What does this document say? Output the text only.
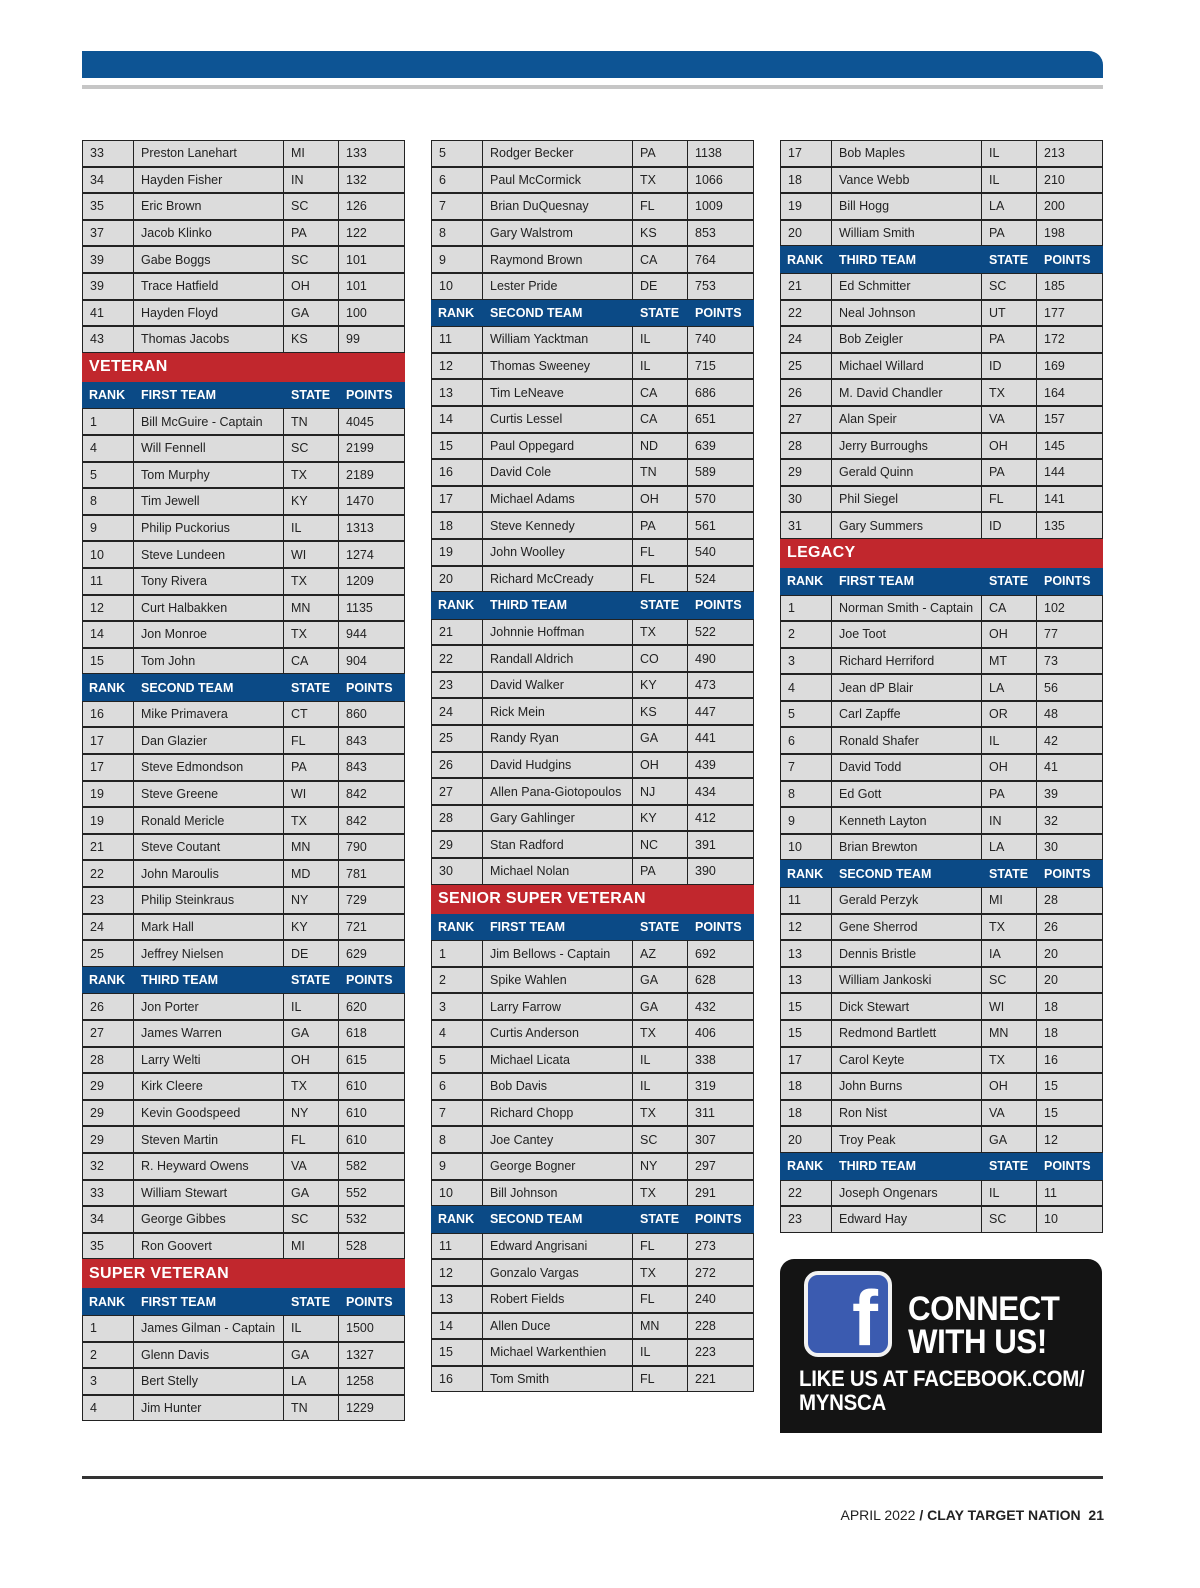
33	Preston Lanehart	MI	133
34	Hayden Fisher	IN	132
35	Eric Brown	SC	126
37	Jacob Klinko	PA	122
39	Gabe Boggs	SC	101
39	Trace Hatfield	OH	101
41	Hayden Floyd	GA	100
43	Thomas Jacobs	KS	99
VETERAN
RANK	FIRST TEAM	STATE	POINTS
1	Bill McGuire - Captain	TN	4045
4	Will Fennell	SC	2199
5	Tom Murphy	TX	2189
8	Tim Jewell	KY	1470
9	Philip Puckorius	IL	1313
10	Steve Lundeen	WI	1274
11	Tony Rivera	TX	1209
12	Curt Halbakken	MN	1135
14	Jon Monroe	TX	944
15	Tom John	CA	904
RANK	SECOND TEAM	STATE	POINTS
16	Mike Primavera	CT	860
17	Dan Glazier	FL	843
17	Steve Edmondson	PA	843
19	Steve Greene	WI	842
19	Ronald Mericle	TX	842
21	Steve Coutant	MN	790
22	John Maroulis	MD	781
23	Philip Steinkraus	NY	729
24	Mark Hall	KY	721
25	Jeffrey Nielsen	DE	629
RANK	THIRD TEAM	STATE	POINTS
26	Jon Porter	IL	620
27	James Warren	GA	618
28	Larry Welti	OH	615
29	Kirk Cleere	TX	610
29	Kevin Goodspeed	NY	610
29	Steven Martin	FL	610
32	R. Heyward Owens	VA	582
33	William Stewart	GA	552
34	George Gibbes	SC	532
35	Ron Goovert	MI	528
SUPER VETERAN
RANK	FIRST TEAM	STATE	POINTS
1	James Gilman - Captain	IL	1500
2	Glenn Davis	GA	1327
3	Bert Stelly	LA	1258
4	Jim Hunter	TN	1229
5	Rodger Becker	PA	1138
6	Paul McCormick	TX	1066
7	Brian DuQuesnay	FL	1009
8	Gary Walstrom	KS	853
9	Raymond Brown	CA	764
10	Lester Pride	DE	753
RANK	SECOND TEAM	STATE	POINTS
11	William Yacktman	IL	740
12	Thomas Sweeney	IL	715
13	Tim LeNeave	CA	686
14	Curtis Lessel	CA	651
15	Paul Oppegard	ND	639
16	David Cole	TN	589
17	Michael Adams	OH	570
18	Steve Kennedy	PA	561
19	John Woolley	FL	540
20	Richard McCready	FL	524
RANK	THIRD TEAM	STATE	POINTS
21	Johnnie Hoffman	TX	522
22	Randall Aldrich	CO	490
23	David Walker	KY	473
24	Rick Mein	KS	447
25	Randy Ryan	GA	441
26	David Hudgins	OH	439
27	Allen Pana-Giotopoulos	NJ	434
28	Gary Gahlinger	KY	412
29	Stan Radford	NC	391
30	Michael Nolan	PA	390
SENIOR SUPER VETERAN
RANK	FIRST TEAM	STATE	POINTS
1	Jim Bellows - Captain	AZ	692
2	Spike Wahlen	GA	628
3	Larry Farrow	GA	432
4	Curtis Anderson	TX	406
5	Michael Licata	IL	338
6	Bob Davis	IL	319
7	Richard Chopp	TX	311
8	Joe Cantey	SC	307
9	George Bogner	NY	297
10	Bill Johnson	TX	291
RANK	SECOND TEAM	STATE	POINTS
11	Edward Angrisani	FL	273
12	Gonzalo Vargas	TX	272
13	Robert Fields	FL	240
14	Allen Duce	MN	228
15	Michael Warkenthien	IL	223
16	Tom Smith	FL	221
17	Bob Maples	IL	213
18	Vance Webb	IL	210
19	Bill Hogg	LA	200
20	William Smith	PA	198
RANK	THIRD TEAM	STATE	POINTS
21	Ed Schmitter	SC	185
22	Neal Johnson	UT	177
24	Bob Zeigler	PA	172
25	Michael Willard	ID	169
26	M. David Chandler	TX	164
27	Alan Speir	VA	157
28	Jerry Burroughs	OH	145
29	Gerald Quinn	PA	144
30	Phil Siegel	FL	141
31	Gary Summers	ID	135
LEGACY
RANK	FIRST TEAM	STATE	POINTS
1	Norman Smith - Captain	CA	102
2	Joe Toot	OH	77
3	Richard Herriford	MT	73
4	Jean dP Blair	LA	56
5	Carl Zapffe	OR	48
6	Ronald Shafer	IL	42
7	David Todd	OH	41
8	Ed Gott	PA	39
9	Kenneth Layton	IN	32
10	Brian Brewton	LA	30
RANK	SECOND TEAM	STATE	POINTS
11	Gerald Perzyk	MI	28
12	Gene Sherrod	TX	26
13	Dennis Bristle	IA	20
13	William Jankoski	SC	20
15	Dick Stewart	WI	18
15	Redmond Bartlett	MN	18
17	Carol Keyte	TX	16
18	John Burns	OH	15
18	Ron Nist	VA	15
20	Troy Peak	GA	12
RANK	THIRD TEAM	STATE	POINTS
22	Joseph Ongenars	IL	11
23	Edward Hay	SC	10
f CONNECT WITH US!
LIKE US AT FACEBOOK.COM/ MYNSCA
APRIL 2022 / CLAY TARGET NATION 21
